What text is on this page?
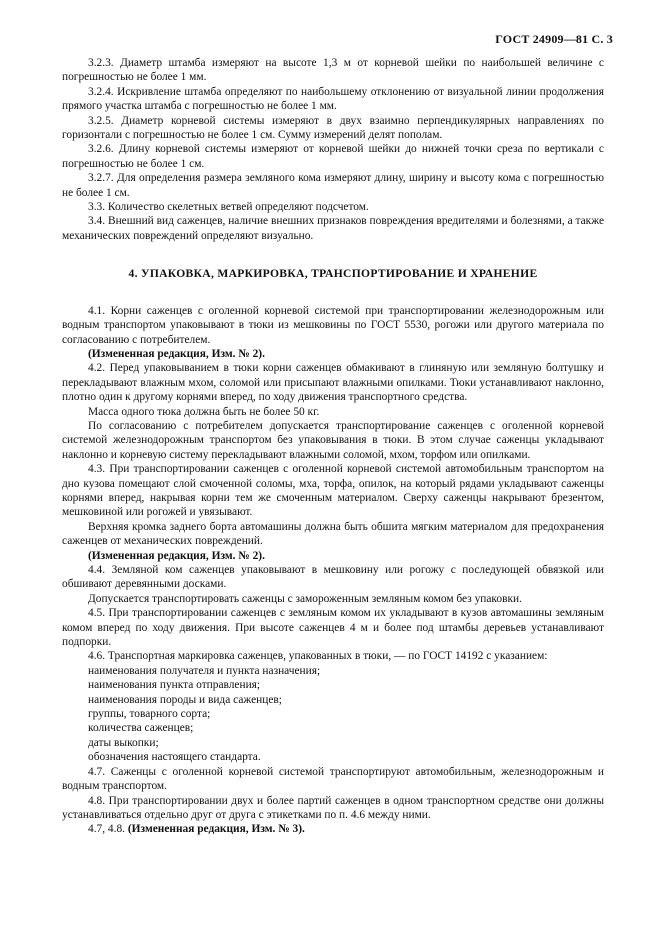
ГОСТ 24909—81 С. 3

3.2.3. Диаметр штамба измеряют на высоте 1,3 м от корневой шейки по наибольшей величине с погрешностью не более 1 мм.

3.2.4. Искривление штамба определяют по наибольшему отклонению от визуальной линии продолжения прямого участка штамба с погрешностью не более 1 мм.

3.2.5. Диаметр корневой системы измеряют в двух взаимно перпендикулярных направлениях по горизонтали с погрешностью не более 1 см. Сумму измерений делят пополам.

3.2.6. Длину корневой системы измеряют от корневой шейки до нижней точки среза по вертикали с погрешностью не более 1 см.

3.2.7. Для определения размера земляного кома измеряют длину, ширину и высоту кома с погрешностью не более 1 см.

3.3. Количество скелетных ветвей определяют подсчетом.

3.4. Внешний вид саженцев, наличие внешних признаков повреждения вредителями и болезнями, а также механических повреждений определяют визуально.

4. УПАКОВКА, МАРКИРОВКА, ТРАНСПОРТИРОВАНИЕ И ХРАНЕНИЕ

4.1. Корни саженцев с оголенной корневой системой при транспортировании железнодорожным или водным транспортом упаковывают в тюки из мешковины по ГОСТ 5530, рогожи или другого материала по согласованию с потребителем.

(Измененная редакция, Изм. № 2).

4.2. Перед упаковыванием в тюки корни саженцев обмакивают в глиняную или земляную болтушку и перекладывают влажным мхом, соломой или присыпают влажными опилками. Тюки устанавливают наклонно, плотно один к другому корнями вперед, по ходу движения транспортного средства.

Масса одного тюка должна быть не более 50 кг.

По согласованию с потребителем допускается транспортирование саженцев с оголенной корневой системой железнодорожным транспортом без упаковывания в тюки. В этом случае саженцы укладывают наклонно и корневую систему перекладывают влажными соломой, мхом, торфом или опилками.

4.3. При транспортировании саженцев с оголенной корневой системой автомобильным транспортом на дно кузова помещают слой смоченной соломы, мха, торфа, опилок, на который рядами укладывают саженцы корнями вперед, накрывая корни тем же смоченным материалом. Сверху саженцы накрывают брезентом, мешковиной или рогожей и увязывают.

Верхняя кромка заднего борта автомашины должна быть обшита мягким материалом для предохранения саженцев от механических повреждений.

(Измененная редакция, Изм. № 2).

4.4. Земляной ком саженцев упаковывают в мешковину или рогожу с последующей обвязкой или обшивают деревянными досками.

Допускается транспортировать саженцы с замороженным земляным комом без упаковки.

4.5. При транспортировании саженцев с земляным комом их укладывают в кузов автомашины земляным комом вперед по ходу движения. При высоте саженцев 4 м и более под штамбы деревьев устанавливают подпорки.

4.6. Транспортная маркировка саженцев, упакованных в тюки, — по ГОСТ 14192 с указанием:

наименования получателя и пункта назначения;
наименования пункта отправления;
наименования породы и вида саженцев;
группы, товарного сорта;
количества саженцев;
даты выкопки;
обозначения настоящего стандарта.

4.7. Саженцы с оголенной корневой системой транспортируют автомобильным, железнодорожным и водным транспортом.

4.8. При транспортировании двух и более партий саженцев в одном транспортном средстве они должны устанавливаться отдельно друг от друга с этикетками по п. 4.6 между ними.

4.7, 4.8. (Измененная редакция, Изм. № 3).
